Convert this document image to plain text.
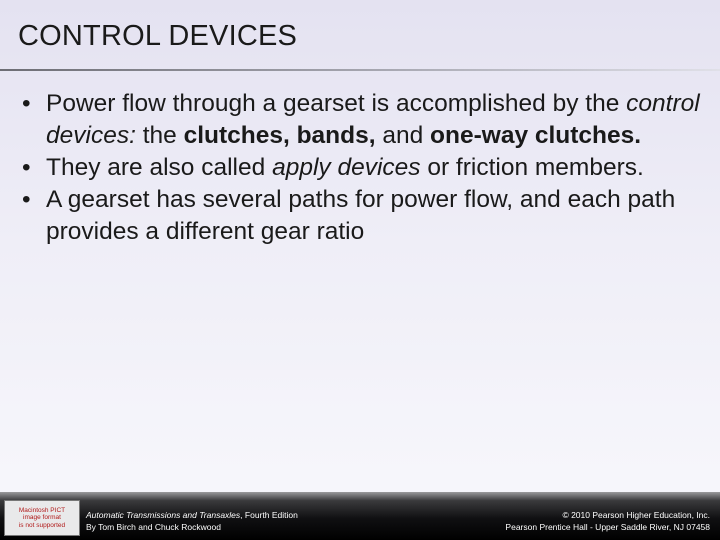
CONTROL DEVICES
• Power flow through a gearset is accomplished by the control devices: the clutches, bands, and one-way clutches.
• They are also called apply devices or friction members.
• A gearset has several paths for power flow, and each path provides a different gear ratio
Macintosh PICT
image format
is not supported
Automatic Transmissions and Transaxles, Fourth Edition
By Tom Birch and Chuck Rockwood
© 2010 Pearson Higher Education, Inc.
Pearson Prentice Hall - Upper Saddle River, NJ 07458
